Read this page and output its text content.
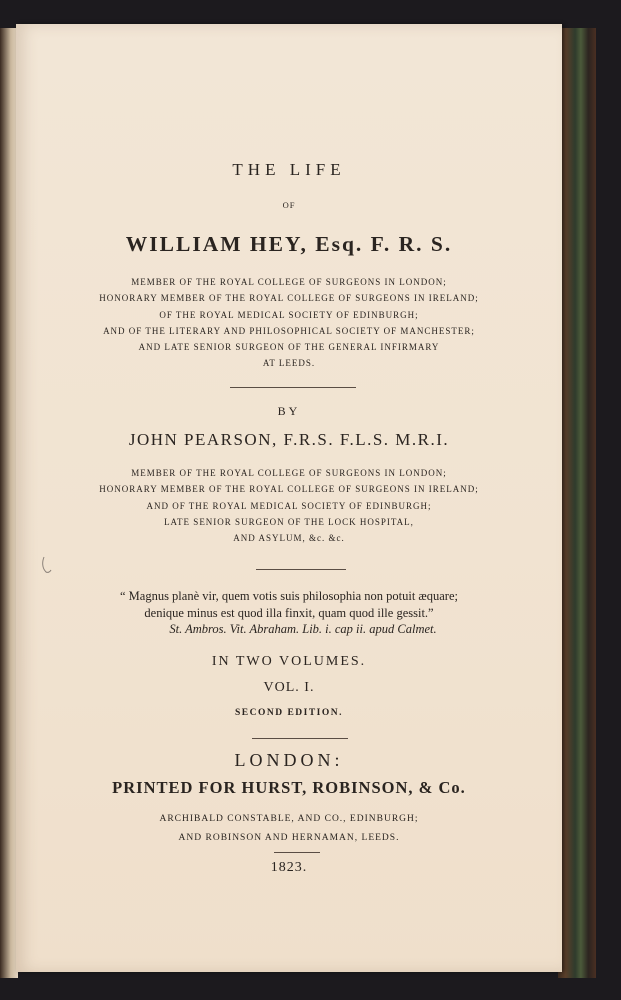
THE LIFE
OF
WILLIAM HEY, Esq. F. R. S.
MEMBER OF THE ROYAL COLLEGE OF SURGEONS IN LONDON;
HONORARY MEMBER OF THE ROYAL COLLEGE OF SURGEONS IN IRELAND;
OF THE ROYAL MEDICAL SOCIETY OF EDINBURGH;
AND OF THE LITERARY AND PHILOSOPHICAL SOCIETY OF MANCHESTER;
AND LATE SENIOR SURGEON OF THE GENERAL INFIRMARY
AT LEEDS.
BY
JOHN PEARSON, F.R.S. F.L.S. M.R.I.
MEMBER OF THE ROYAL COLLEGE OF SURGEONS IN LONDON;
HONORARY MEMBER OF THE ROYAL COLLEGE OF SURGEONS IN IRELAND;
AND OF THE ROYAL MEDICAL SOCIETY OF EDINBURGH;
LATE SENIOR SURGEON OF THE LOCK HOSPITAL,
AND ASYLUM, &c. &c.
“ Magnus planè vir, quem votis suis philosophia non potuit æquare;
denique minus est quod illa finxit, quam quod ille gessit.”
St. Ambros. Vit. Abraham. Lib. i. cap ii. apud Calmet.
IN TWO VOLUMES.
VOL. I.
SECOND EDITION.
LONDON:
PRINTED FOR HURST, ROBINSON, & Co.
ARCHIBALD CONSTABLE, AND CO., EDINBURGH;
AND ROBINSON AND HERNAMAN, LEEDS.
1823.
